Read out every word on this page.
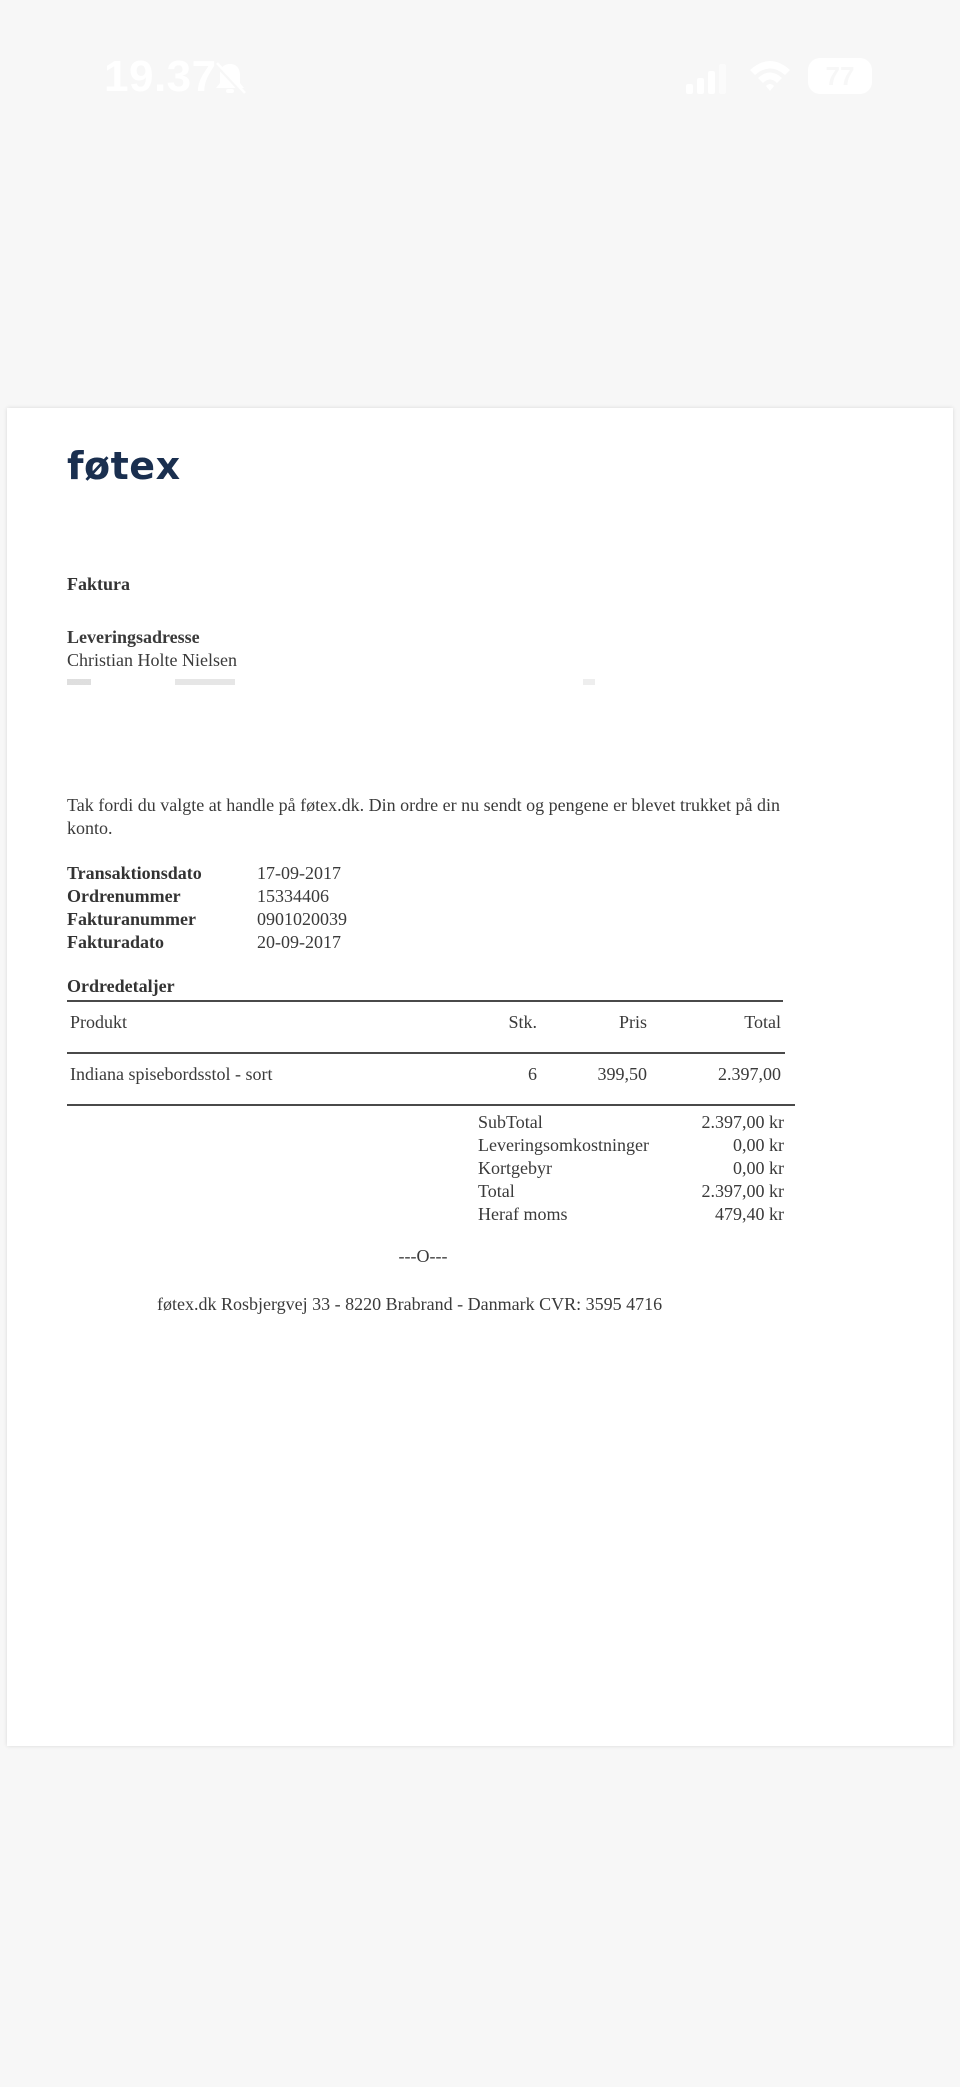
19.37	77
føtex
Faktura
Leveringsadresse
Christian Holte Nielsen
Tak fordi du valgte at handle på føtex.dk. Din ordre er nu sendt og pengene er blevet trukket på din konto.
Transaktionsdato	17-09-2017
Ordrenummer	15334406
Fakturanummer	0901020039
Fakturadato	20-09-2017
Ordredetaljer
Produkt	Stk.	Pris	Total
Indiana spisebordsstol - sort	6	399,50	2.397,00
SubTotal	2.397,00 kr
Leveringsomkostninger	0,00 kr
Kortgebyr	0,00 kr
Total	2.397,00 kr
Heraf moms	479,40 kr
---O---
føtex.dk Rosbjergvej 33 - 8220 Brabrand - Danmark CVR: 3595 4716
